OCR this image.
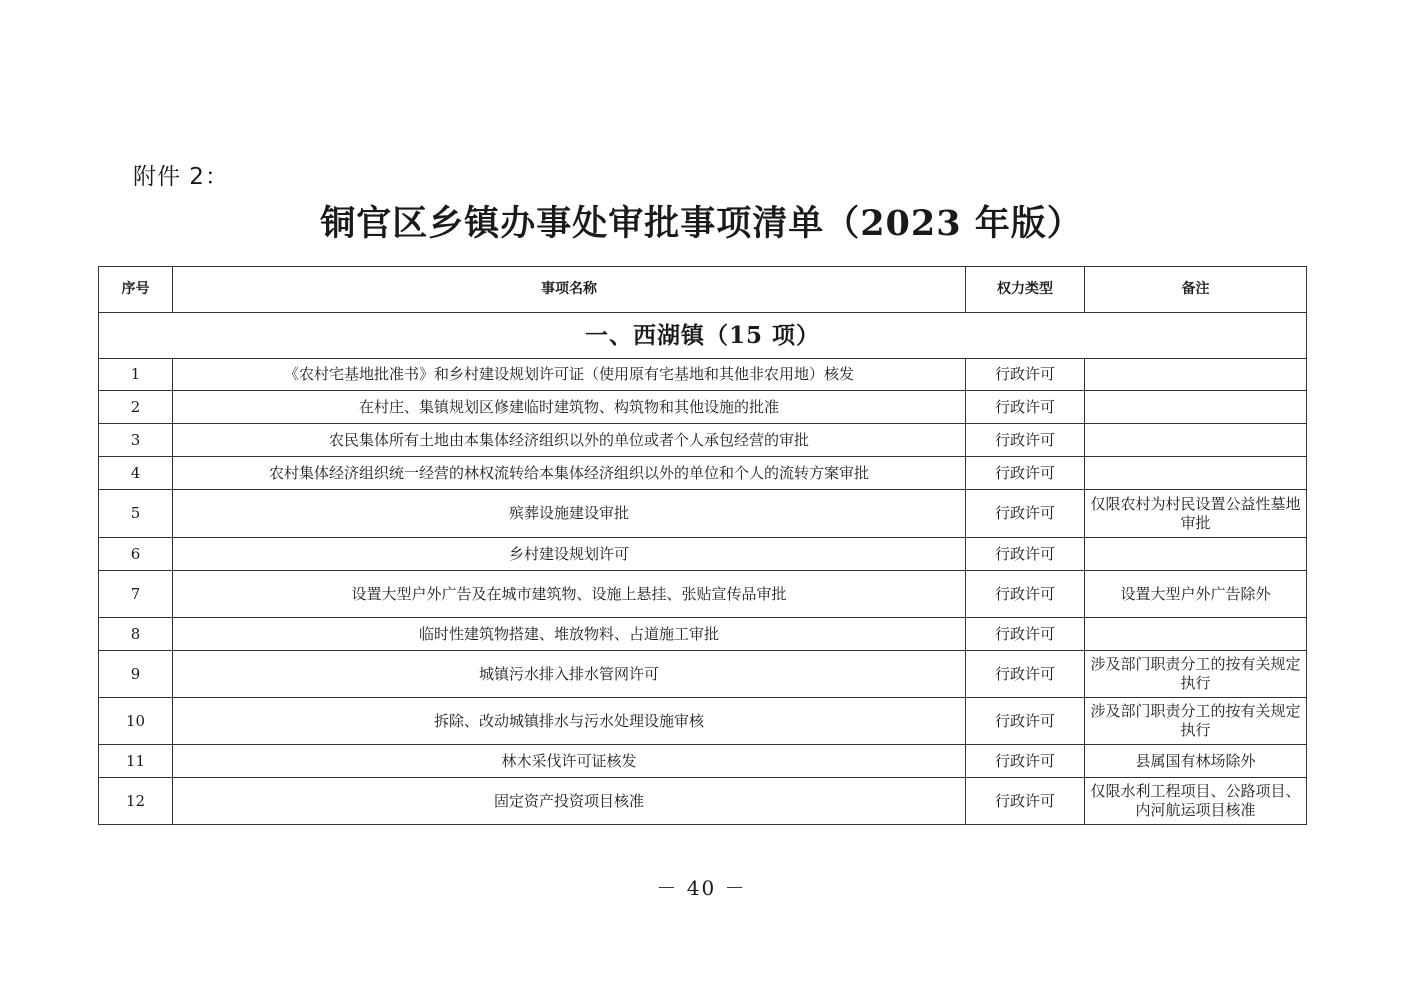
附件 2：
铜官区乡镇办事处审批事项清单（2023 年版）
序号	事项名称	权力类型	备注
一、西湖镇（15 项）			
1	《农村宅基地批准书》和乡村建设规划许可证（使用原有宅基地和其他非农用地）核发	行政许可	
2	在村庄、集镇规划区修建临时建筑物、构筑物和其他设施的批准	行政许可	
3	农民集体所有土地由本集体经济组织以外的单位或者个人承包经营的审批	行政许可	
4	农村集体经济组织统一经营的林权流转给本集体经济组织以外的单位和个人的流转方案审批	行政许可	
5	殡葬设施建设审批	行政许可	仅限农村为村民设置公益性墓地审批
6	乡村建设规划许可	行政许可	
7	设置大型户外广告及在城市建筑物、设施上悬挂、张贴宣传品审批	行政许可	设置大型户外广告除外
8	临时性建筑物搭建、堆放物料、占道施工审批	行政许可	
9	城镇污水排入排水管网许可	行政许可	涉及部门职责分工的按有关规定执行
10	拆除、改动城镇排水与污水处理设施审核	行政许可	涉及部门职责分工的按有关规定执行
11	林木采伐许可证核发	行政许可	县属国有林场除外
12	固定资产投资项目核准	行政许可	仅限水利工程项目、公路项目、内河航运项目核准
－ 40 －
